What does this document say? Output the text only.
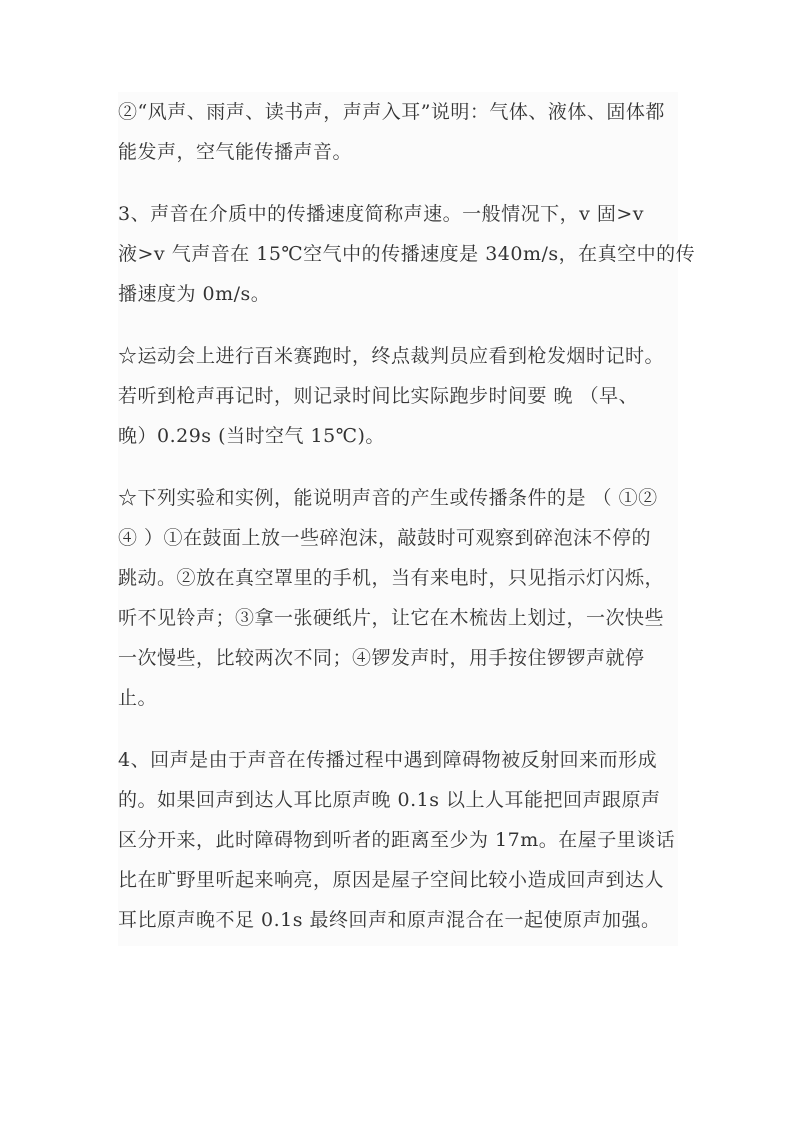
②“风声、雨声、读书声，声声入耳”说明：气体、液体、固体都
能发声，空气能传播声音。
3、声音在介质中的传播速度简称声速。一般情况下，v 固>v
液>v 气声音在 15℃空气中的传播速度是 340m/s，在真空中的传
播速度为 0m/s。
☆运动会上进行百米赛跑时，终点裁判员应看到枪发烟时记时。
若听到枪声再记时，则记录时间比实际跑步时间要 晚 （早、
晚）0.29s (当时空气 15℃)。
☆下列实验和实例，能说明声音的产生或传播条件的是 （ ①②
④ ）①在鼓面上放一些碎泡沫，敲鼓时可观察到碎泡沫不停的
跳动。②放在真空罩里的手机，当有来电时，只见指示灯闪烁，
听不见铃声；③拿一张硬纸片，让它在木梳齿上划过，一次快些
一次慢些，比较两次不同；④锣发声时，用手按住锣锣声就停
止。
4、回声是由于声音在传播过程中遇到障碍物被反射回来而形成
的。如果回声到达人耳比原声晚 0.1s 以上人耳能把回声跟原声
区分开来，此时障碍物到听者的距离至少为 17m。在屋子里谈话
比在旷野里听起来响亮，原因是屋子空间比较小造成回声到达人
耳比原声晚不足 0.1s 最终回声和原声混合在一起使原声加强。
